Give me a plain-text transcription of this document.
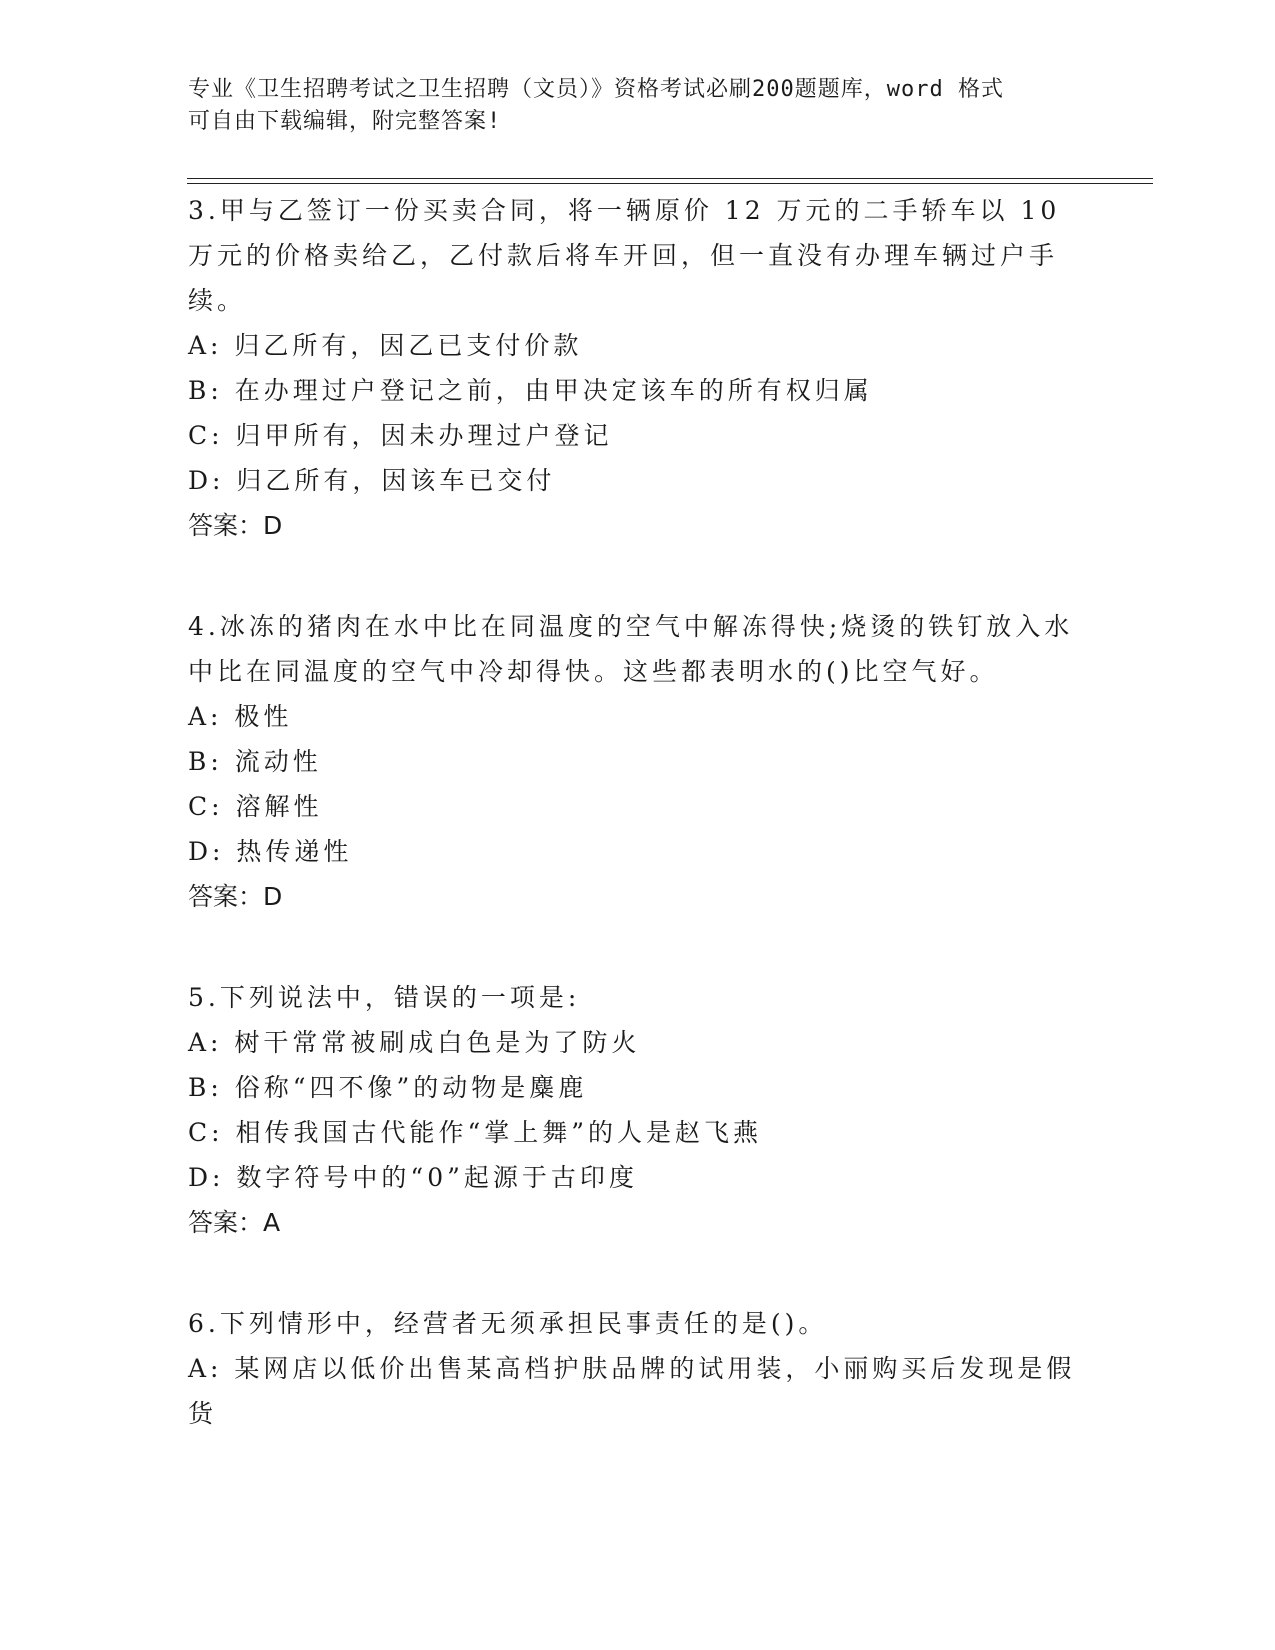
专业《卫生招聘考试之卫生招聘（文员）》资格考试必刷200题题库，word 格式
可自由下载编辑，附完整答案!

3.甲与乙签订一份买卖合同，将一辆原价 12 万元的二手轿车以 10 万元的价格卖给乙，乙付款后将车开回，但一直没有办理车辆过户手续。

A: 归乙所有，因乙已支付价款

B: 在办理过户登记之前，由甲决定该车的所有权归属

C: 归甲所有，因未办理过户登记

D: 归乙所有，因该车已交付

答案：D

4.冰冻的猪肉在水中比在同温度的空气中解冻得快;烧烫的铁钉放入水中比在同温度的空气中冷却得快。这些都表明水的()比空气好。

A: 极性

B: 流动性

C: 溶解性

D: 热传递性

答案：D

5.下列说法中，错误的一项是:

A: 树干常常被刷成白色是为了防火

B: 俗称“四不像”的动物是麋鹿

C: 相传我国古代能作“掌上舞”的人是赵飞燕

D: 数字符号中的“0”起源于古印度

答案：A

6.下列情形中，经营者无须承担民事责任的是()。

A: 某网店以低价出售某高档护肤品牌的试用装，小丽购买后发现是假货
